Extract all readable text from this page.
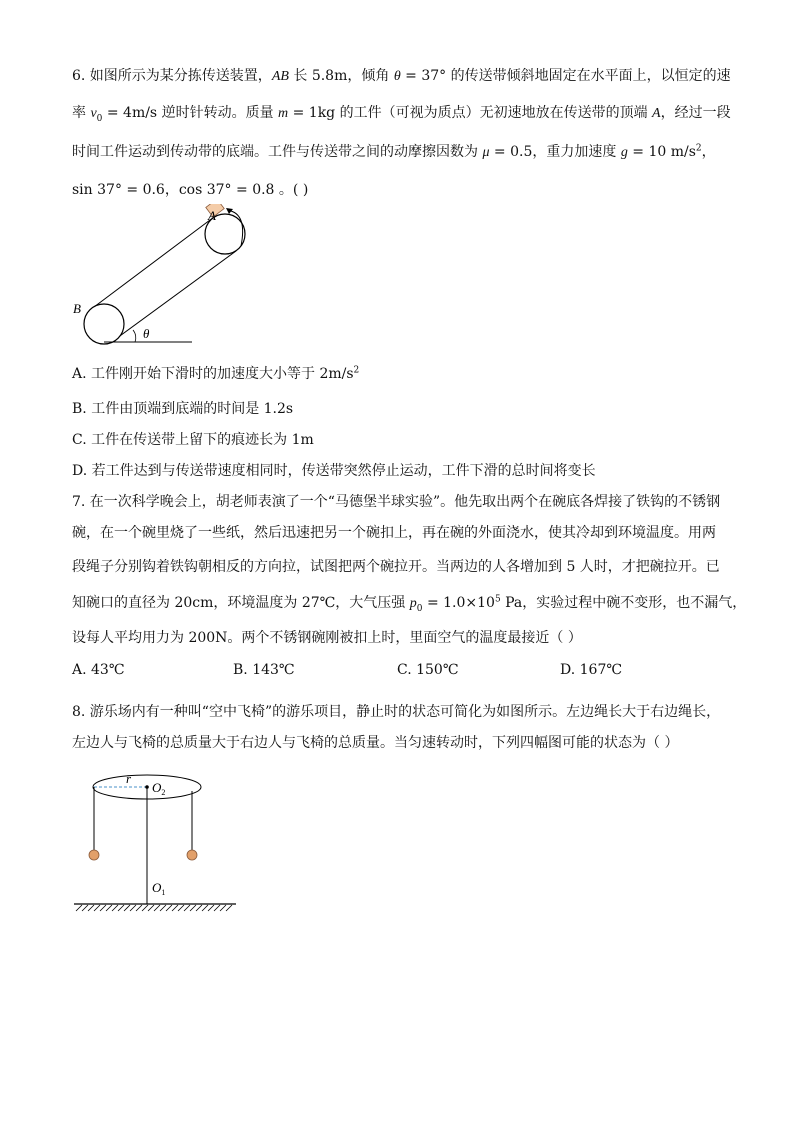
6. 如图所示为某分拣传送装置，AB 长 5.8m，倾角 θ = 37° 的传送带倾斜地固定在水平面上，以恒定的速
率 $v_0 = 4m/s$ 逆时针转动。质量 m = 1kg 的工件（可视为质点）无初速地放在传送带的顶端 A，经过一段
时间工件运动到传动带的底端。工件与传送带之间的动摩擦因数为 μ = 0.5，重力加速度 g = 10 $m/s^2$，
sin 37° = 0.6，cos 37° = 0.8 。( )
A
B
θ
A. 工件刚开始下滑时的加速度大小等于 $2m/s^2$
B. 工件由顶端到底端的时间是 1.2s
C. 工件在传送带上留下的痕迹长为 1m
D. 若工件达到与传送带速度相同时，传送带突然停止运动，工件下滑的总时间将变长
7. 在一次科学晚会上，胡老师表演了一个“马德堡半球实验”。他先取出两个在碗底各焊接了铁钩的不锈钢
碗，在一个碗里烧了一些纸，然后迅速把另一个碗扣上，再在碗的外面浇水，使其冷却到环境温度。用两
段绳子分别钩着铁钩朝相反的方向拉，试图把两个碗拉开。当两边的人各增加到 5 人时，才把碗拉开。已
知碗口的直径为 20cm，环境温度为 27℃，大气压强 $p_0 = 1.0\times 10^5$ Pa，实验过程中碗不变形，也不漏气，
设每人平均用力为 200N。两个不锈钢碗刚被扣上时，里面空气的温度最接近（ ）
A. 43℃	B. 143℃	C. 150℃	D. 167℃
8. 游乐场内有一种叫“空中飞椅”的游乐项目，静止时的状态可简化为如图所示。左边绳长大于右边绳长，
左边人与飞椅的总质量大于右边人与飞椅的总质量。当匀速转动时，下列四幅图可能的状态为（ ）
r
$O_2$
$O_1$
